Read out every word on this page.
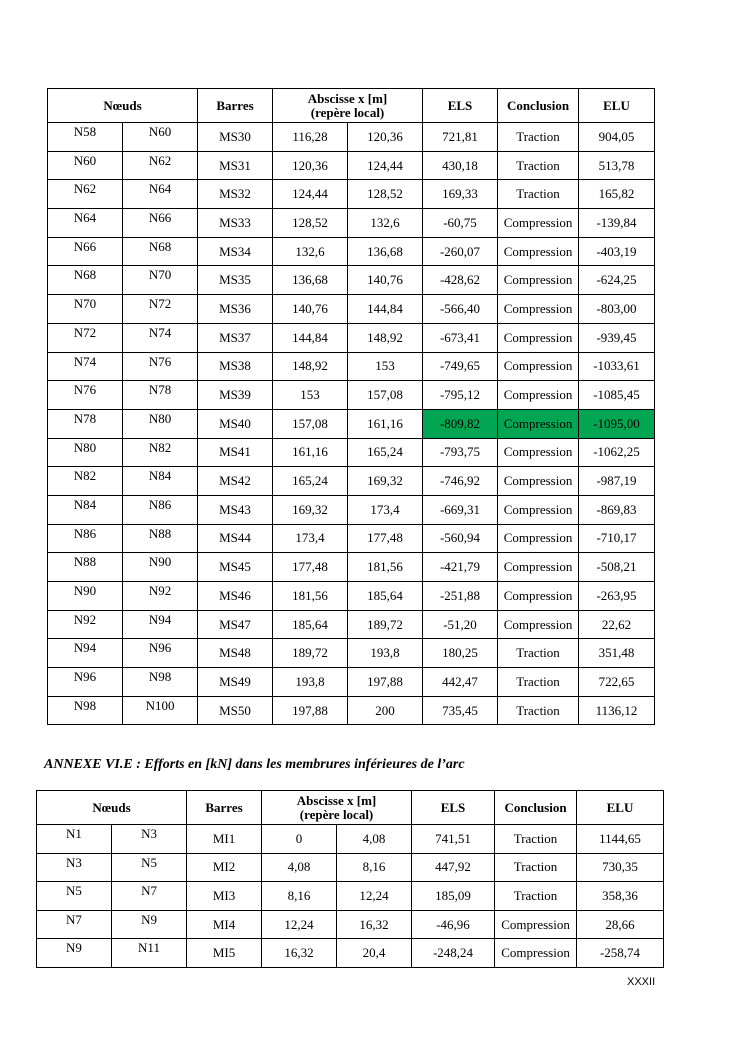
Nœuds		Barres	Abscisse x [m]
(repère local)		ELS	Conclusion	ELU
N58	N60	MS30	116,28	120,36	721,81	Traction	904,05
N60	N62	MS31	120,36	124,44	430,18	Traction	513,78
N62	N64	MS32	124,44	128,52	169,33	Traction	165,82
N64	N66	MS33	128,52	132,6	-60,75	Compression	-139,84
N66	N68	MS34	132,6	136,68	-260,07	Compression	-403,19
N68	N70	MS35	136,68	140,76	-428,62	Compression	-624,25
N70	N72	MS36	140,76	144,84	-566,40	Compression	-803,00
N72	N74	MS37	144,84	148,92	-673,41	Compression	-939,45
N74	N76	MS38	148,92	153	-749,65	Compression	-1033,61
N76	N78	MS39	153	157,08	-795,12	Compression	-1085,45
N78	N80	MS40	157,08	161,16	-809,82	Compression	-1095,00
N80	N82	MS41	161,16	165,24	-793,75	Compression	-1062,25
N82	N84	MS42	165,24	169,32	-746,92	Compression	-987,19
N84	N86	MS43	169,32	173,4	-669,31	Compression	-869,83
N86	N88	MS44	173,4	177,48	-560,94	Compression	-710,17
N88	N90	MS45	177,48	181,56	-421,79	Compression	-508,21
N90	N92	MS46	181,56	185,64	-251,88	Compression	-263,95
N92	N94	MS47	185,64	189,72	-51,20	Compression	22,62
N94	N96	MS48	189,72	193,8	180,25	Traction	351,48
N96	N98	MS49	193,8	197,88	442,47	Traction	722,65
N98	N100	MS50	197,88	200	735,45	Traction	1136,12

ANNEXE VI.E : Efforts en [kN] dans les membrures inférieures de l’arc

Nœuds		Barres	Abscisse x [m]
(repère local)		ELS	Conclusion	ELU
N1	N3	MI1	0	4,08	741,51	Traction	1144,65
N3	N5	MI2	4,08	8,16	447,92	Traction	730,35
N5	N7	MI3	8,16	12,24	185,09	Traction	358,36
N7	N9	MI4	12,24	16,32	-46,96	Compression	28,66
N9	N11	MI5	16,32	20,4	-248,24	Compression	-258,74
XXXII
